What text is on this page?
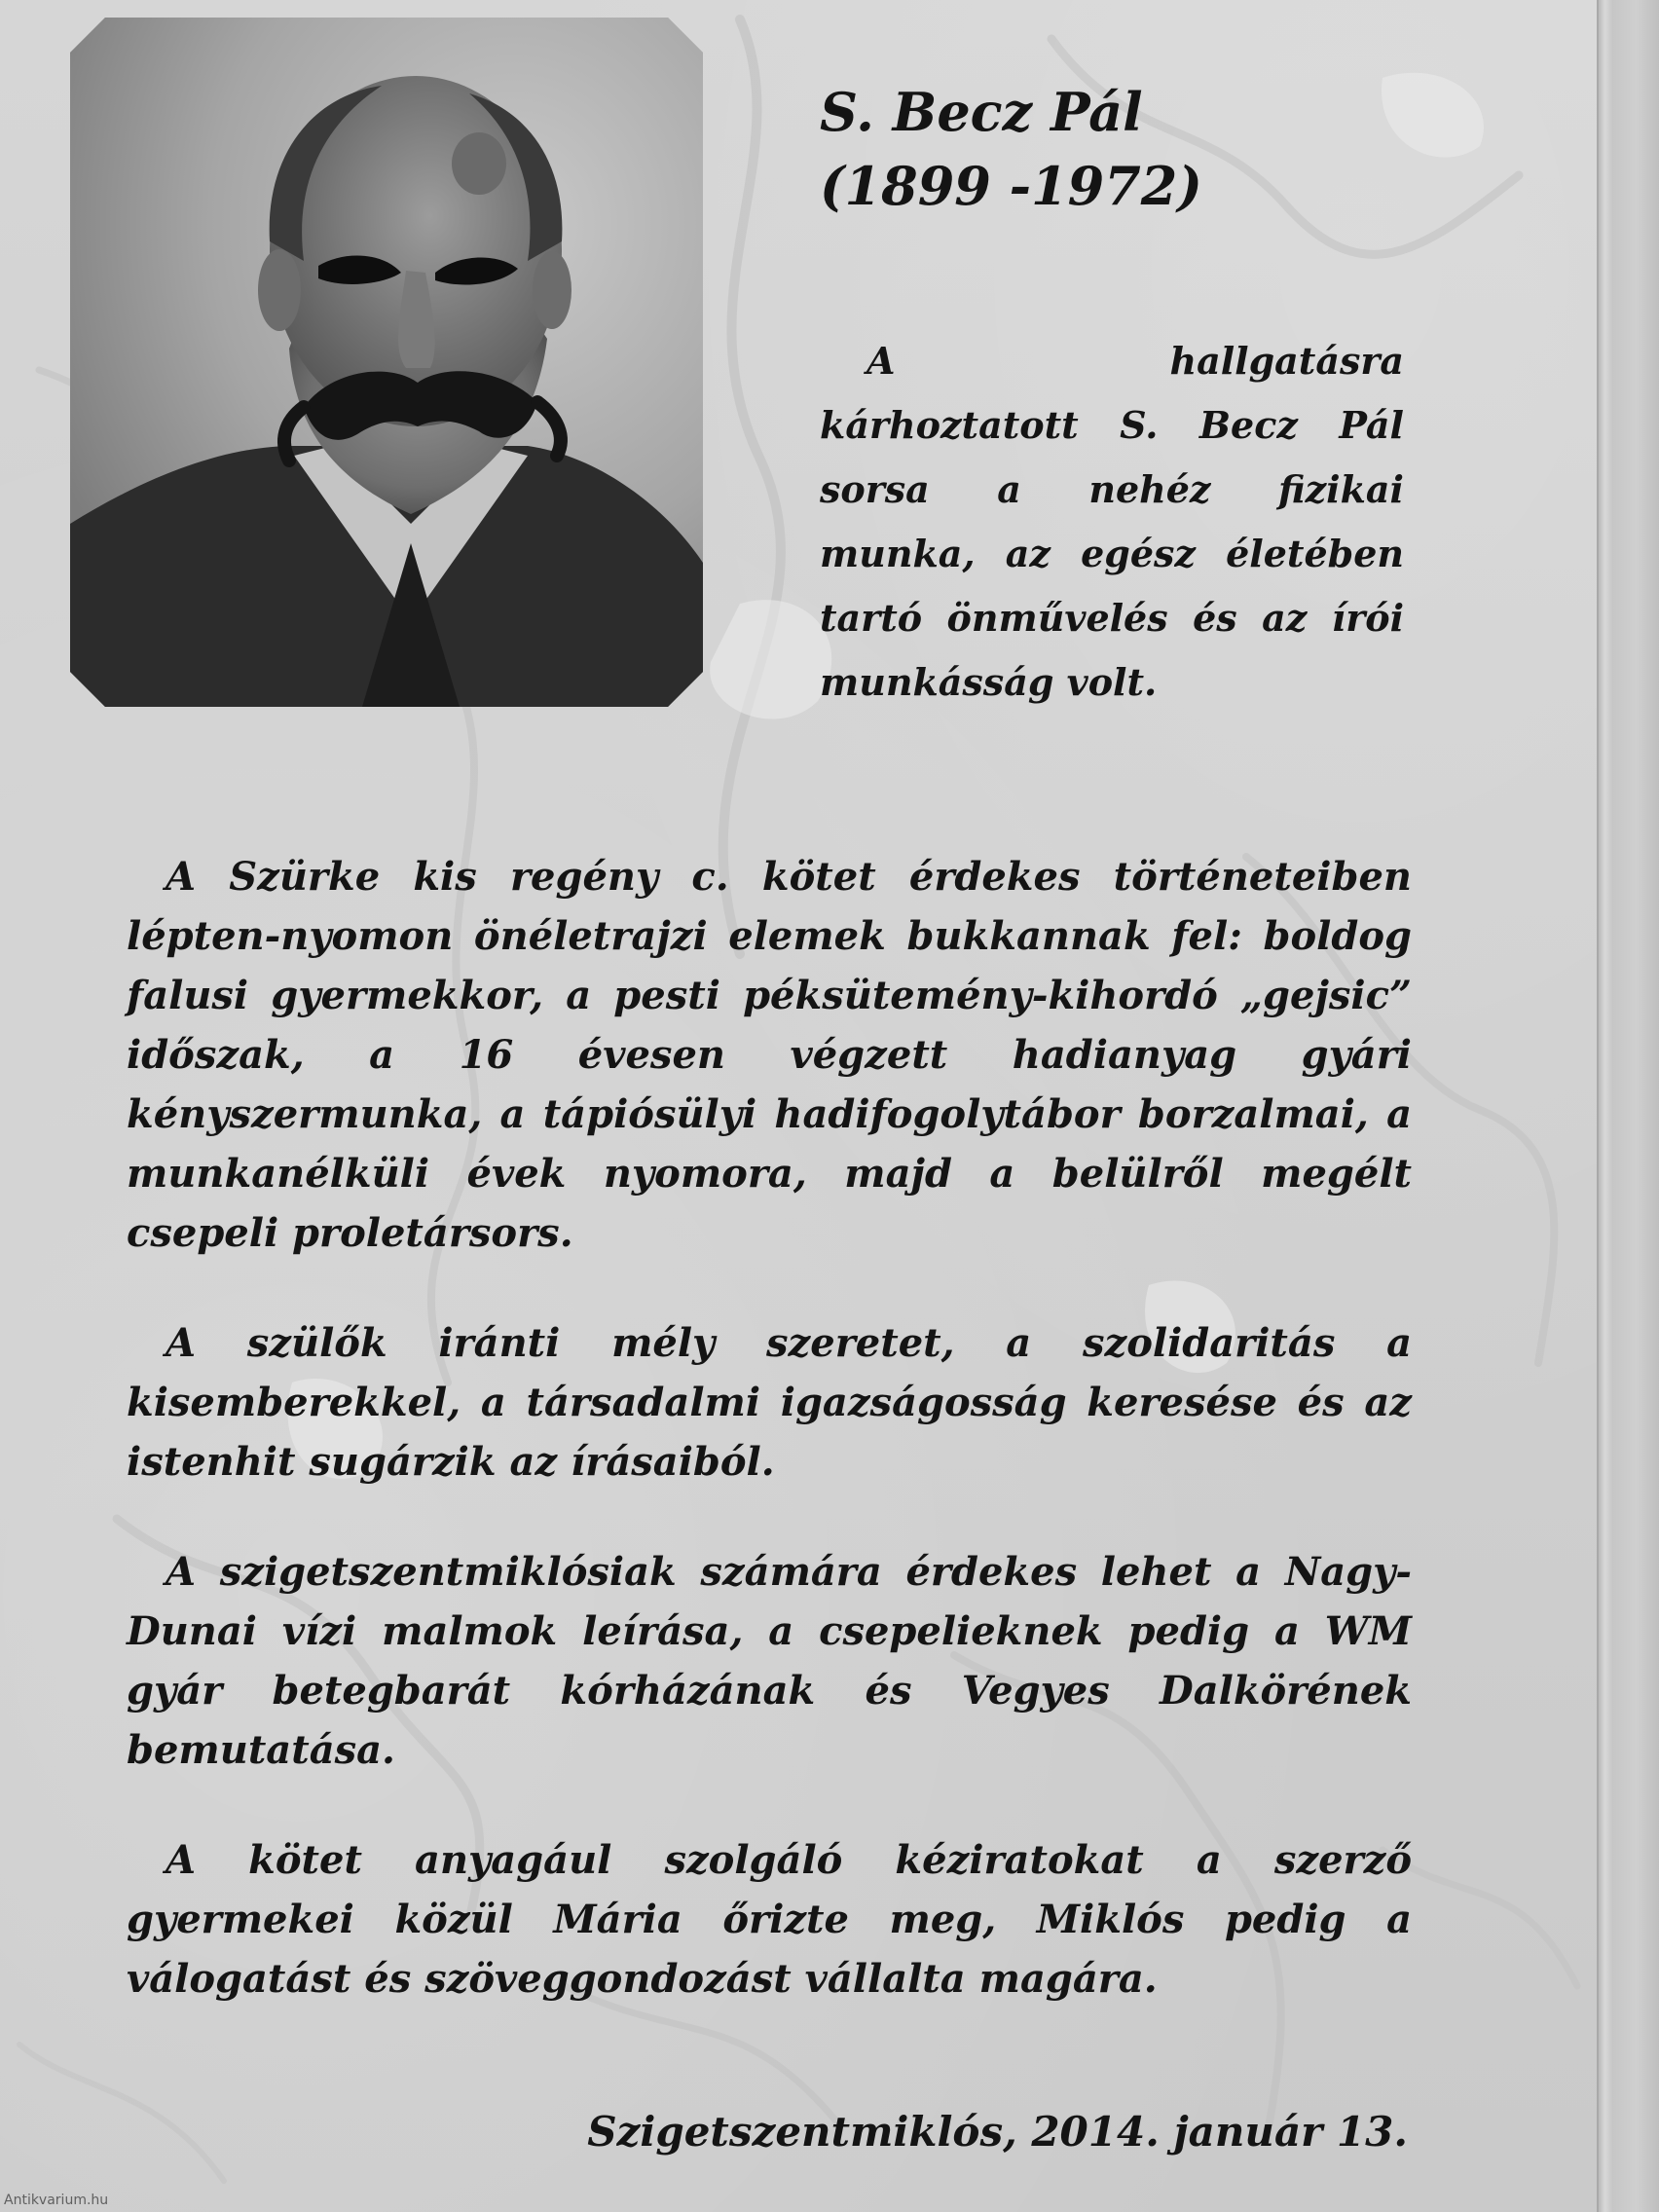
S. Becz Pál
(1899 -1972)

A hallgatásra kárhoztatott S. Becz Pál sorsa a nehéz fizikai munka, az egész életében tartó önművelés és az írói munkásság volt.

A Szürke kis regény c. kötet érdekes történeteiben lépten-nyomon önéletrajzi elemek bukkannak fel: boldog falusi gyermekkor, a pesti péksütemény-kihordó „gejsic” időszak, a 16 évesen végzett hadianyag gyári kényszermunka, a tápiósülyi hadifogolytábor borzalmai, a munkanélküli évek nyomora, majd a belülről megélt csepeli proletársors.

A szülők iránti mély szeretet, a szolidaritás a kisemberekkel, a társadalmi igazságosság keresése és az istenhit sugárzik az írásaiból.

A szigetszentmiklósiak számára érdekes lehet a Nagy-Dunai vízi malmok leírása, a csepelieknek pedig a WM gyár betegbarát kórházának és Vegyes Dalkörének bemutatása.

A kötet anyagául szolgáló kéziratokat a szerző gyermekei közül Mária őrizte meg, Miklós pedig a válogatást és szöveggondozást vállalta magára.

Szigetszentmiklós, 2014. január 13.
Antikvarium.hu
